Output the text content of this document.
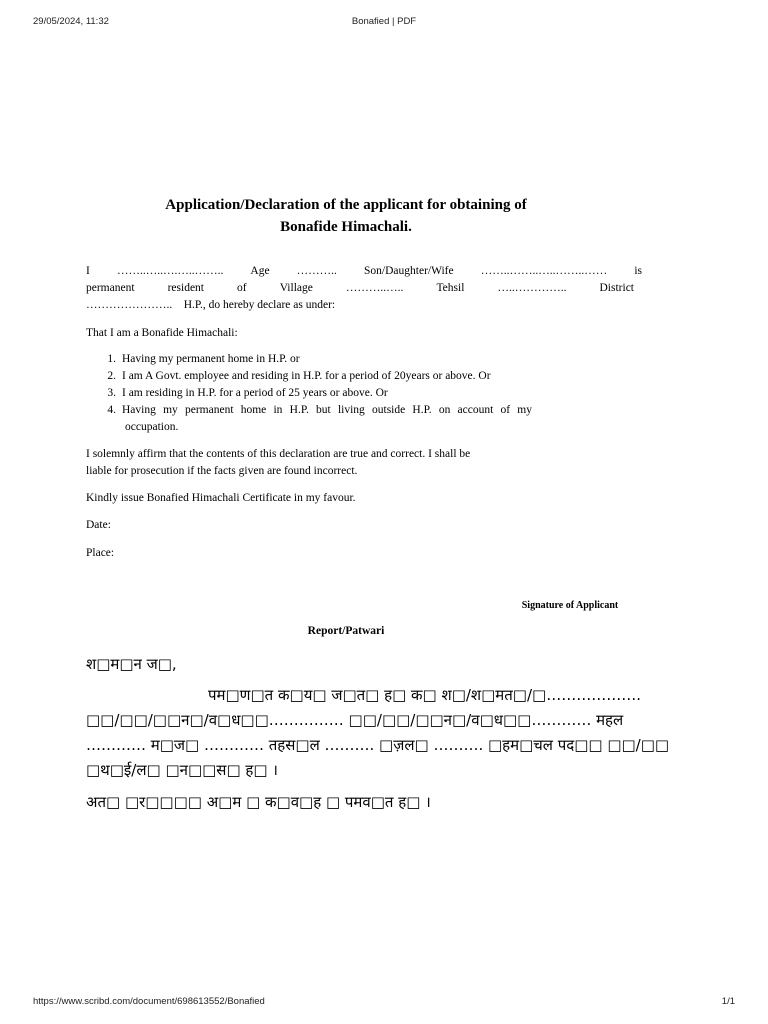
29/05/2024, 11:32	Bonafied | PDF
Application/Declaration of the applicant for obtaining of
Bonafide Himachali.
I ……..…..….…..…….. Age ……….. Son/Daughter/Wife ……..……..…..……..…… is
permanent	resident	of	Village	………..…..	Tehsil	…..…………..	District
…………………..    H.P., do hereby declare as under:
That I am a Bonafide Himachali:
1. Having my permanent home in H.P. or
2. I am A Govt. employee and residing in H.P. for a period of 20years or above. Or
3. I am residing in H.P. for a period of 25 years or above. Or
4. Having my permanent home in H.P. but living outside H.P. on account of my
occupation.
I solemnly affirm that the contents of this declaration are true and correct. I shall be
liable for prosecution if the facts given are found incorrect.
Kindly issue Bonafied Himachali Certificate in my favour.
Date:
Place:
Signature of Applicant
Report/Patwari
श□म□न ज□,
पम□ण□त क□य□ ज□त□ ह□ क□ श□/श□मत□/□……………….
□□/□□/□□न□/व□ध□□…………… □□/□□/□□न□/व□ध□□………… महल
………… म□ज□ ………… तहस□ल ………. □ज़ल□ ………. □हम□चल पद□□ □□/□□
□थ□ई/ल□ □न□□स□ ह□ ।
अत□ □र□□□□ अ□म □ क□व□ह □ पमव□त ह□ ।
https://www.scribd.com/document/698613552/Bonafied	1/1
